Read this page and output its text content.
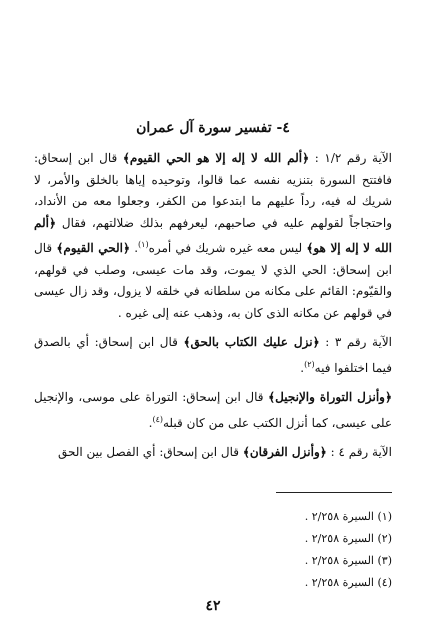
٤- تفسير سورة آل عمران

الآية رقم ١/٢ : ﴿ألم الله لا إله إلا هو الحي القيوم﴾ قال ابن إسحاق: فافتتح السورة بتنزيه نفسه عما قالوا، وتوحيده إياها بالخلق والأمر، لا شريك له فيه، رداً عليهم ما ابتدعوا من الكفر، وجعلوا معه من الأنداد، واحتجاجاً لقولهم عليه في صاحبهم، ليعرفهم بذلك ضلالتهم، فقال ﴿ألم الله لا إله إلا هو﴾ ليس معه غيره شريك في أمره$^{(١)}$. ﴿الحي القيوم﴾ قال ابن إسحاق: الحي الذي لا يموت، وقد مات عيسى، وصلب في قولهم، والقيّوم: القائم على مكانه من سلطانه في خلقه لا يزول، وقد زال عيسى في قولهم عن مكانه الذى كان به، وذهب عنه إلى غيره .

الآية رقم ٣ : ﴿نزل عليك الكتاب بالحق﴾ قال ابن إسحاق: أي بالصدق فيما اختلفوا فيه$^{(٢)}$.

﴿وأنزل التوراة والإنجيل﴾ قال ابن إسحاق: التوراة على موسى، والإنجيل على عيسى، كما أنزل الكتب على من كان قبله$^{(٤)}$.

الآية رقم ٤ : ﴿وأنزل الفرقان﴾ قال ابن إسحاق: أي الفصل بين الحق

(١) السيرة ٢/٢٥٨ .
(٢) السيرة ٢/٢٥٨ .
(٣) السيرة ٢/٢٥٨ .
(٤) السيرة ٢/٢٥٨ .
٤٢
